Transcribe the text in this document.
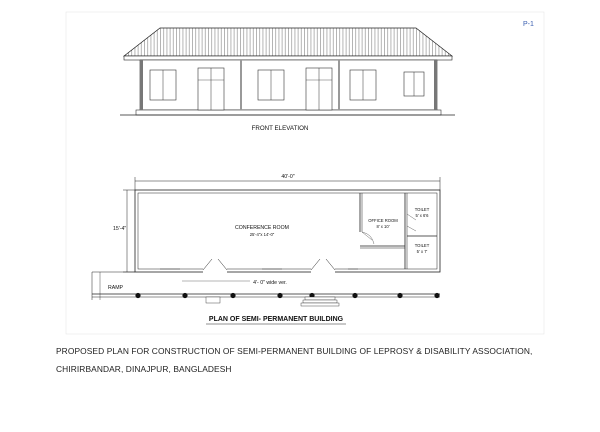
P-1
FRONT ELEVATION
40'-0"
15'-4"	CONFERENCE ROOM
25'-4"x 14'-0"
OFFICE ROOM
8' x 10'
TOILET
5' x 6'6
TOILET
5' x 7'
RAMP
4'- 0" wide ver.
PLAN OF SEMI- PERMANENT BUILDING
PROPOSED PLAN FOR CONSTRUCTION OF SEMI-PERMANENT BUILDING OF LEPROSY & DISABILITY ASSOCIATION,
CHIRIRBANDAR, DINAJPUR, BANGLADESH
